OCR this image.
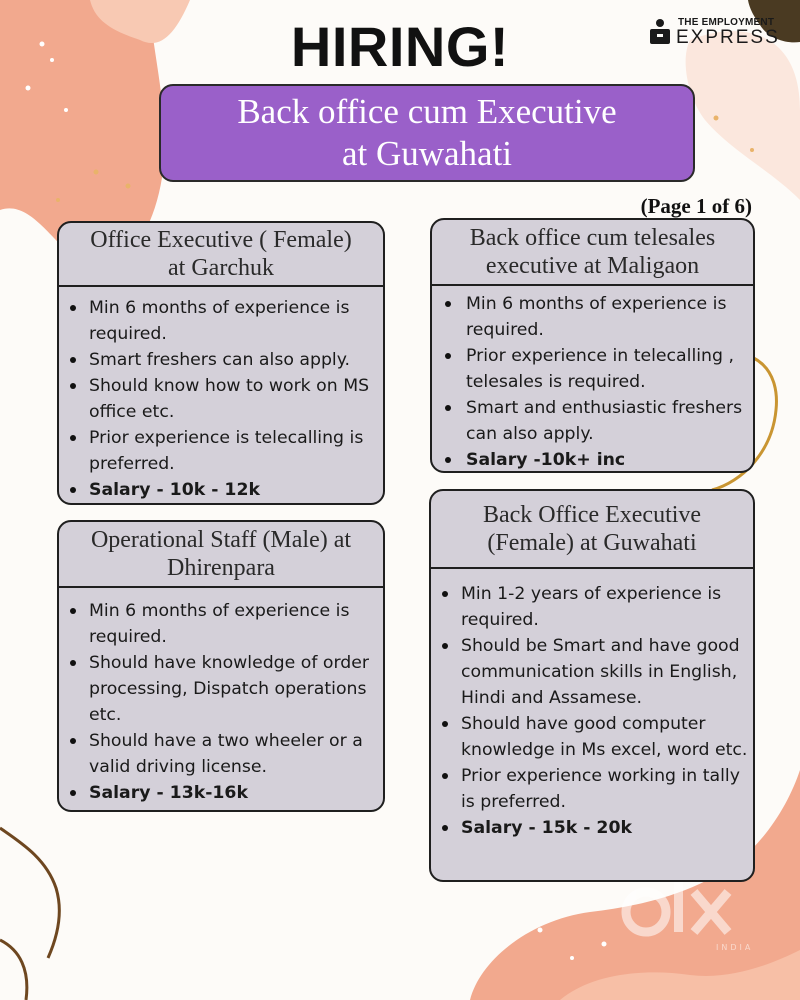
INDIA
THE EMPLOYMENT
EXPRESS
HIRING!
Back office cum Executive
at Guwahati
(Page 1 of 6)
Office Executive ( Female)
at Garchuk
Min 6 months of experience is required.
Smart freshers can also apply.
Should know how to work on MS office etc.
Prior experience is telecalling is preferred.
Salary - 10k - 12k
Operational Staff (Male) at
Dhirenpara
Min 6 months of experience is required.
Should have knowledge of order processing, Dispatch operations etc.
Should have a two wheeler or a valid driving license.
Salary - 13k-16k
Back office cum telesales
executive at Maligaon
Min 6 months of experience is required.
Prior experience in telecalling , telesales is required.
Smart and enthusiastic freshers can also apply.
Salary -10k+ inc
Back Office Executive
(Female) at Guwahati
Min 1-2 years of experience is required.
Should be Smart and have good communication skills in English, Hindi and Assamese.
Should have good computer knowledge in Ms excel, word etc.
Prior experience working in tally is preferred.
Salary - 15k - 20k
